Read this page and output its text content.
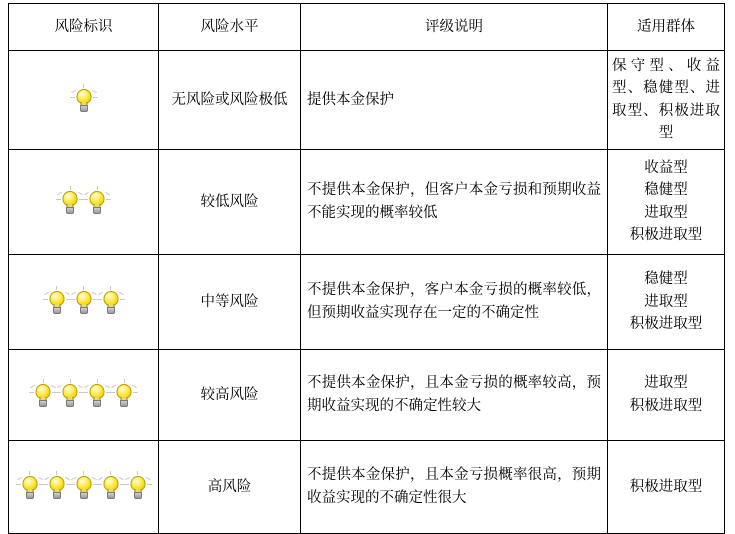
风险标识	风险水平	评级说明	适用群体

	无风险或风险极低	提供本金保护	保守型、收益型、稳健型、进取型、积极进取型

	较低风险	不提供本金保护，但客户本金亏损和预期收益不能实现的概率较低	收益型
稳健型
进取型
积极进取型

	中等风险	不提供本金保护，客户本金亏损的概率较低，但预期收益实现存在一定的不确定性	稳健型
进取型
积极进取型

	较高风险	不提供本金保护，且本金亏损的概率较高，预期收益实现的不确定性较大	进取型
积极进取型

	高风险	不提供本金保护，且本金亏损概率很高，预期收益实现的不确定性很大	积极进取型
